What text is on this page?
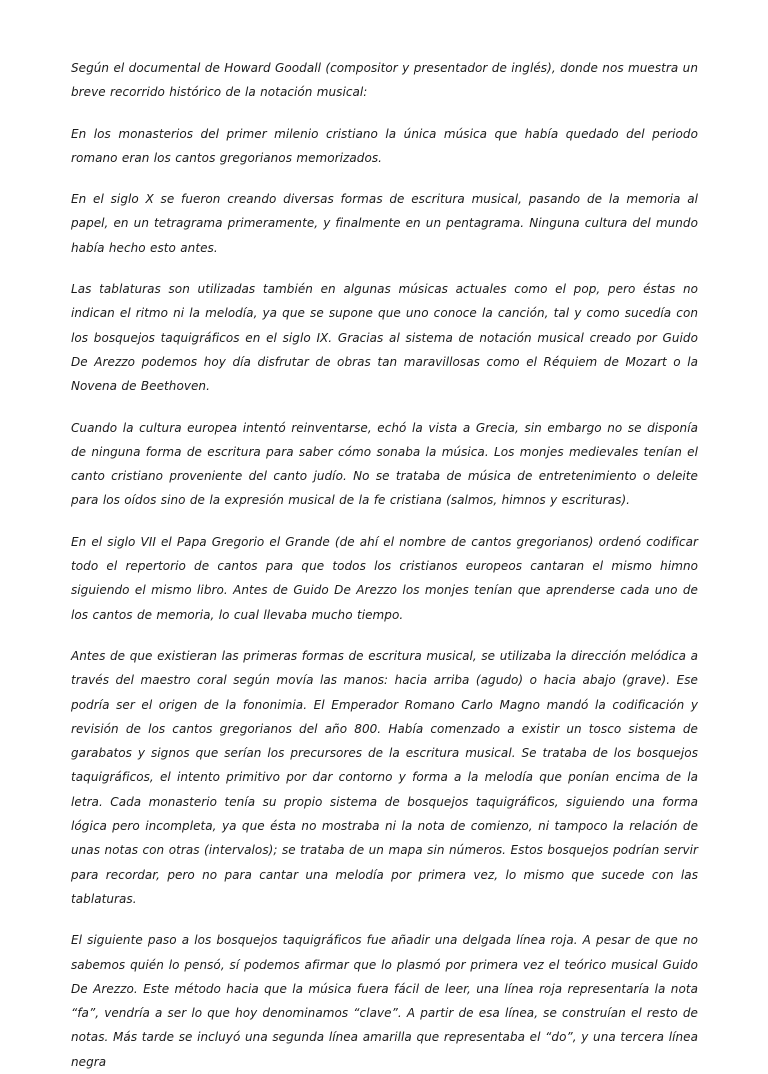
Según el documental de Howard Goodall (compositor y presentador de inglés), donde nos muestra un breve recorrido histórico de la notación musical:

En los monasterios del primer milenio cristiano la única música que había quedado del periodo romano eran los cantos gregorianos memorizados.

En el siglo X se fueron creando diversas formas de escritura musical, pasando de la memoria al papel, en un tetragrama primeramente, y finalmente en un pentagrama. Ninguna cultura del mundo había hecho esto antes.

Las tablaturas son utilizadas también en algunas músicas actuales como el pop, pero éstas no indican el ritmo ni la melodía, ya que se supone que uno conoce la canción, tal y como sucedía con los bosquejos taquigráficos en el siglo IX. Gracias al sistema de notación musical creado por Guido De Arezzo podemos hoy día disfrutar de obras tan maravillosas como el Réquiem de Mozart o la Novena de Beethoven.

Cuando la cultura europea intentó reinventarse, echó la vista a Grecia, sin embargo no se disponía de ninguna forma de escritura para saber cómo sonaba la música. Los monjes medievales tenían el canto cristiano proveniente del canto judío. No se trataba de música de entretenimiento o deleite para los oídos sino de la expresión musical de la fe cristiana (salmos, himnos y escrituras).

En el siglo VII el Papa Gregorio el Grande (de ahí el nombre de cantos gregorianos) ordenó codificar todo el repertorio de cantos para que todos los cristianos europeos cantaran el mismo himno siguiendo el mismo libro. Antes de Guido De Arezzo los monjes tenían que aprenderse cada uno de los cantos de memoria, lo cual llevaba mucho tiempo.

Antes de que existieran las primeras formas de escritura musical, se utilizaba la dirección melódica a través del maestro coral según movía las manos: hacia arriba (agudo) o hacia abajo (grave). Ese podría ser el origen de la fononimia. El Emperador Romano Carlo Magno mandó la codificación y revisión de los cantos gregorianos del año 800. Había comenzado a existir un tosco sistema de garabatos y signos que serían los precursores de la escritura musical. Se trataba de los bosquejos taquigráficos, el intento primitivo por dar contorno y forma a la melodía que ponían encima de la letra. Cada monasterio tenía su propio sistema de bosquejos taquigráficos, siguiendo una forma lógica pero incompleta, ya que ésta no mostraba ni la nota de comienzo, ni tampoco la relación de unas notas con otras (intervalos); se trataba de un mapa sin números. Estos bosquejos podrían servir para recordar, pero no para cantar una melodía por primera vez, lo mismo que sucede con las tablaturas.

El siguiente paso a los bosquejos taquigráficos fue añadir una delgada línea roja. A pesar de que no sabemos quién lo pensó, sí podemos afirmar que lo plasmó por primera vez el teórico musical Guido De Arezzo. Este método hacia que la música fuera fácil de leer, una línea roja representaría la nota “fa”, vendría a ser lo que hoy denominamos “clave”. A partir de esa línea, se construían el resto de notas. Más tarde se incluyó una segunda línea amarilla que representaba el “do”, y una tercera línea negra
